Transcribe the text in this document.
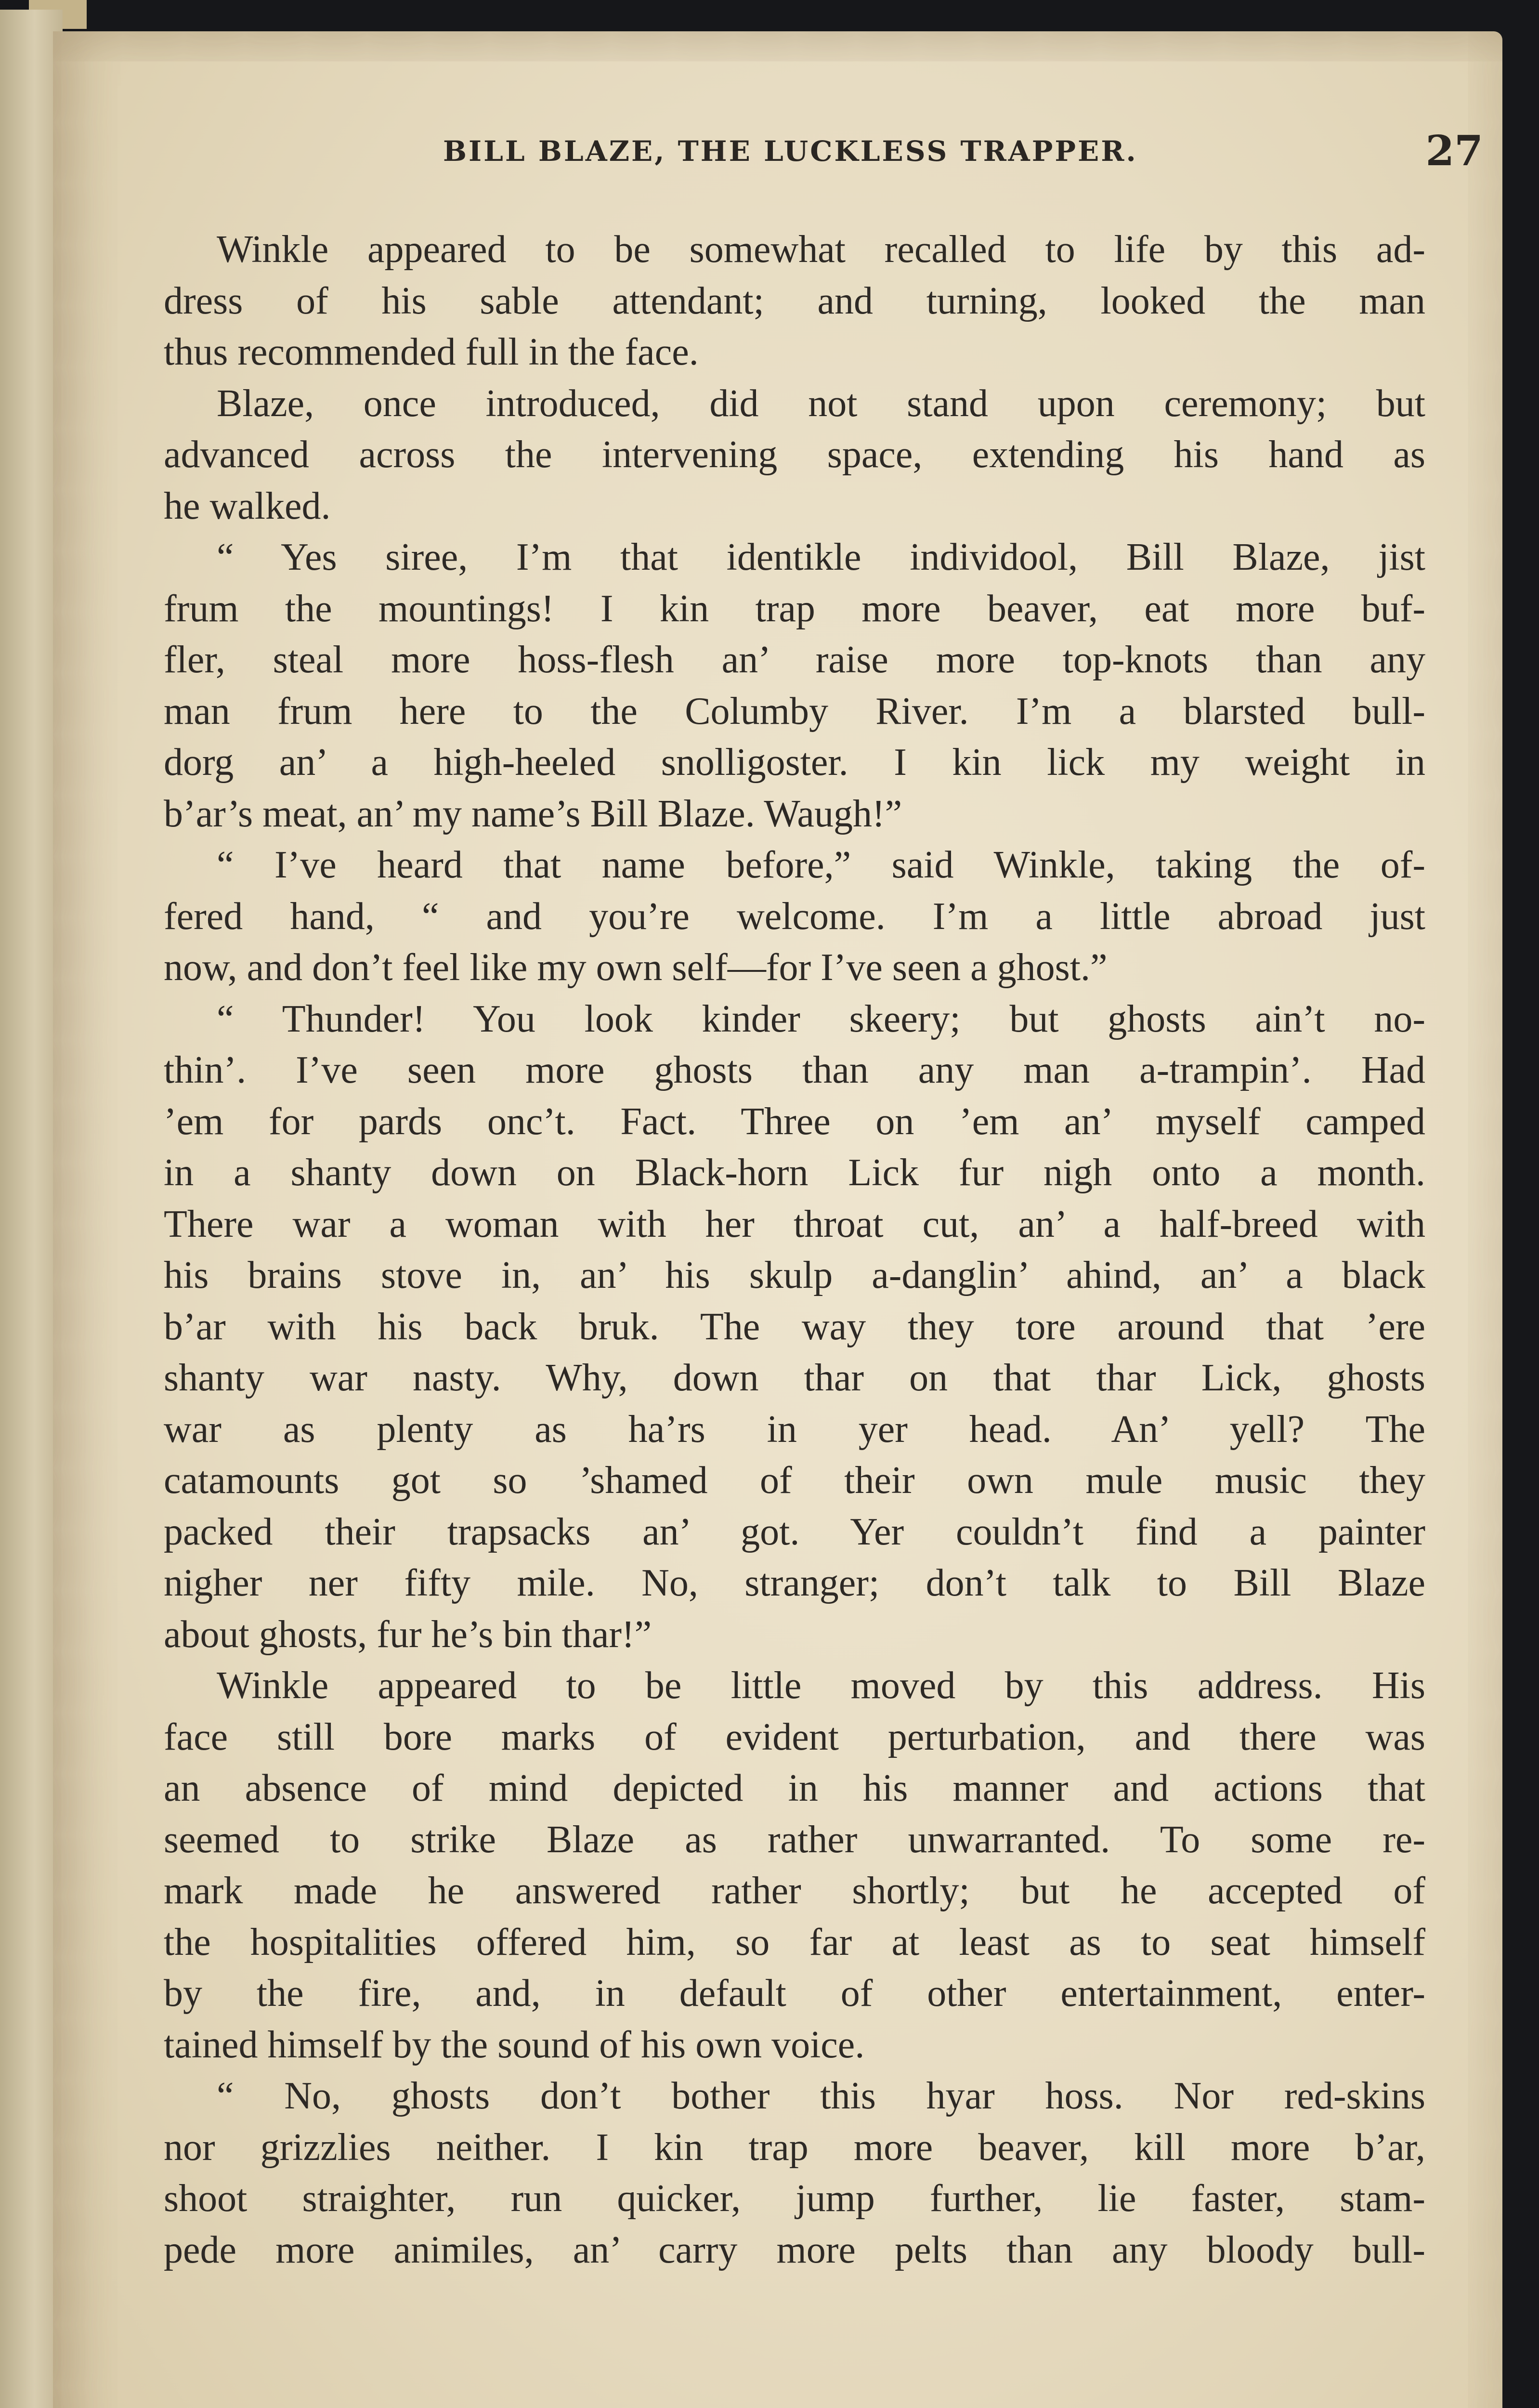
BILL BLAZE, THE LUCKLESS TRAPPER.	27
Winkle appeared to be somewhat recalled to life by this ad-
dress of his sable attendant; and turning, looked the man
thus recommended full in the face.
Blaze, once introduced, did not stand upon ceremony; but
advanced across the intervening space, extending his hand as
he walked.
“ Yes siree, I’m that identikle individool, Bill Blaze, jist
frum the mountings! I kin trap more beaver, eat more buf-
fler, steal more hoss-flesh an’ raise more top-knots than any
man frum here to the Columby River. I’m a blarsted bull-
dorg an’ a high-heeled snolligoster. I kin lick my weight in
b’ar’s meat, an’ my name’s Bill Blaze. Waugh!”
“ I’ve heard that name before,” said Winkle, taking the of-
fered hand, “ and you’re welcome. I’m a little abroad just
now, and don’t feel like my own self—for I’ve seen a ghost.”
“ Thunder! You look kinder skeery; but ghosts ain’t no-
thin’. I’ve seen more ghosts than any man a-trampin’. Had
’em for pards onc’t. Fact. Three on ’em an’ myself camped
in a shanty down on Black-horn Lick fur nigh onto a month.
There war a woman with her throat cut, an’ a half-breed with
his brains stove in, an’ his skulp a-danglin’ ahind, an’ a black
b’ar with his back bruk. The way they tore around that ’ere
shanty war nasty. Why, down thar on that thar Lick, ghosts
war as plenty as ha’rs in yer head. An’ yell? The
catamounts got so ’shamed of their own mule music they
packed their trapsacks an’ got. Yer couldn’t find a painter
nigher ner fifty mile. No, stranger; don’t talk to Bill Blaze
about ghosts, fur he’s bin thar!”
Winkle appeared to be little moved by this address. His
face still bore marks of evident perturbation, and there was
an absence of mind depicted in his manner and actions that
seemed to strike Blaze as rather unwarranted. To some re-
mark made he answered rather shortly; but he accepted of
the hospitalities offered him, so far at least as to seat himself
by the fire, and, in default of other entertainment, enter-
tained himself by the sound of his own voice.
“ No, ghosts don’t bother this hyar hoss. Nor red-skins
nor grizzlies neither. I kin trap more beaver, kill more b’ar,
shoot straighter, run quicker, jump further, lie faster, stam-
pede more animiles, an’ carry more pelts than any bloody bull-
